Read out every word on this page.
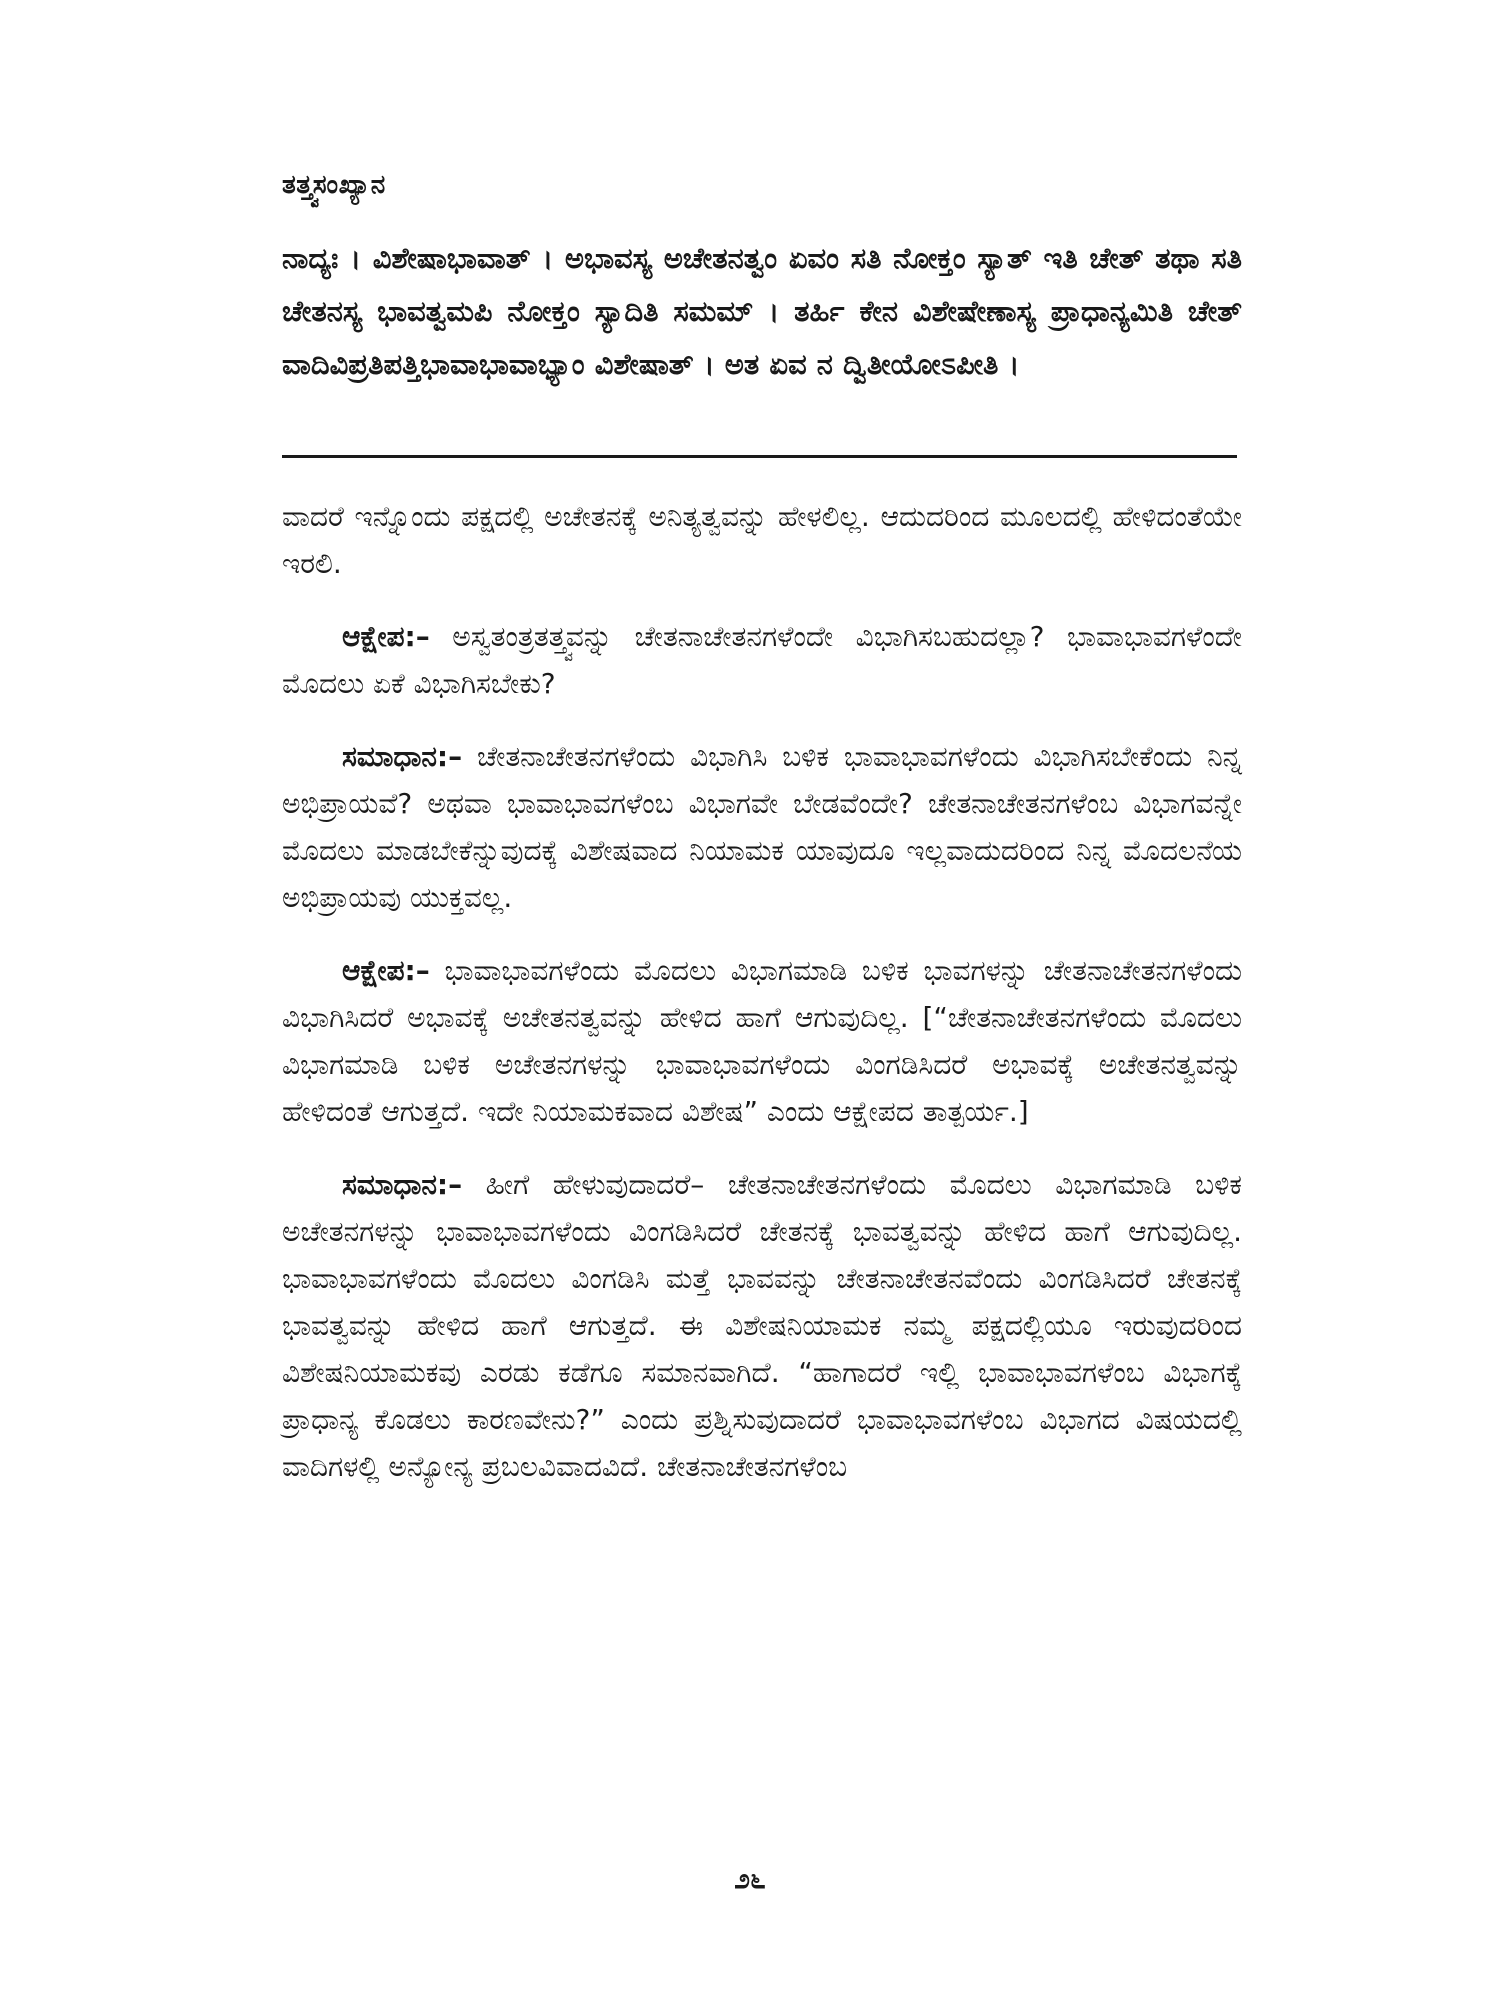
ತತ್ತ್ವಸಂಖ್ಯಾನ
ನಾದ್ಯಃ । ವಿಶೇಷಾಭಾವಾತ್ । ಅಭಾವಸ್ಯ ಅಚೇತನತ್ವಂ ಏವಂ ಸತಿ ನೋಕ್ತಂ ಸ್ಯಾತ್ ಇತಿ ಚೇತ್ ತಥಾ ಸತಿ ಚೇತನಸ್ಯ ಭಾವತ್ವಮಪಿ ನೋಕ್ತಂ ಸ್ಯಾದಿತಿ ಸಮಮ್ । ತರ್ಹಿ ಕೇನ ವಿಶೇಷೇಣಾಸ್ಯ ಪ್ರಾಧಾನ್ಯಮಿತಿ ಚೇತ್ ವಾದಿವಿಪ್ರತಿಪತ್ತಿಭಾವಾಭಾವಾಭ್ಯಾಂ ವಿಶೇಷಾತ್ । ಅತ ಏವ ನ ದ್ವಿತೀಯೋಽಪೀತಿ ।

ವಾದರೆ ಇನ್ನೊಂದು ಪಕ್ಷದಲ್ಲಿ ಅಚೇತನಕ್ಕೆ ಅನಿತ್ಯತ್ವವನ್ನು ಹೇಳಲಿಲ್ಲ. ಆದುದರಿಂದ ಮೂಲದಲ್ಲಿ ಹೇಳಿದಂತೆಯೇ ಇರಲಿ.

ಆಕ್ಷೇಪ:– ಅಸ್ವತಂತ್ರತತ್ತ್ವವನ್ನು ಚೇತನಾಚೇತನಗಳೆಂದೇ ವಿಭಾಗಿಸಬಹುದಲ್ಲಾ? ಭಾವಾಭಾವಗಳೆಂದೇ ಮೊದಲು ಏಕೆ ವಿಭಾಗಿಸಬೇಕು?

ಸಮಾಧಾನ:– ಚೇತನಾಚೇತನಗಳೆಂದು ವಿಭಾಗಿಸಿ ಬಳಿಕ ಭಾವಾಭಾವಗಳೆಂದು ವಿಭಾಗಿಸಬೇಕೆಂದು ನಿನ್ನ ಅಭಿಪ್ರಾಯವೆ? ಅಥವಾ ಭಾವಾಭಾವಗಳೆಂಬ ವಿಭಾಗವೇ ಬೇಡವೆಂದೇ? ಚೇತನಾಚೇತನಗಳೆಂಬ ವಿಭಾಗವನ್ನೇ ಮೊದಲು ಮಾಡಬೇಕೆನ್ನುವುದಕ್ಕೆ ವಿಶೇಷವಾದ ನಿಯಾಮಕ ಯಾವುದೂ ಇಲ್ಲವಾದುದರಿಂದ ನಿನ್ನ ಮೊದಲನೆಯ ಅಭಿಪ್ರಾಯವು ಯುಕ್ತವಲ್ಲ.

ಆಕ್ಷೇಪ:– ಭಾವಾಭಾವಗಳೆಂದು ಮೊದಲು ವಿಭಾಗಮಾಡಿ ಬಳಿಕ ಭಾವಗಳನ್ನು ಚೇತನಾಚೇತನಗಳೆಂದು ವಿಭಾಗಿಸಿದರೆ ಅಭಾವಕ್ಕೆ ಅಚೇತನತ್ವವನ್ನು ಹೇಳಿದ ಹಾಗೆ ಆಗುವುದಿಲ್ಲ. [“ಚೇತನಾಚೇತನಗಳೆಂದು ಮೊದಲು ವಿಭಾಗಮಾಡಿ ಬಳಿಕ ಅಚೇತನಗಳನ್ನು ಭಾವಾಭಾವಗಳೆಂದು ವಿಂಗಡಿಸಿದರೆ ಅಭಾವಕ್ಕೆ ಅಚೇತನತ್ವವನ್ನು ಹೇಳಿದಂತೆ ಆಗುತ್ತದೆ. ಇದೇ ನಿಯಾಮಕವಾದ ವಿಶೇಷ” ಎಂದು ಆಕ್ಷೇಪದ ತಾತ್ಪರ್ಯ.]

ಸಮಾಧಾನ:– ಹೀಗೆ ಹೇಳುವುದಾದರೆ– ಚೇತನಾಚೇತನಗಳೆಂದು ಮೊದಲು ವಿಭಾಗಮಾಡಿ ಬಳಿಕ ಅಚೇತನಗಳನ್ನು ಭಾವಾಭಾವಗಳೆಂದು ವಿಂಗಡಿಸಿದರೆ ಚೇತನಕ್ಕೆ ಭಾವತ್ವವನ್ನು ಹೇಳಿದ ಹಾಗೆ ಆಗುವುದಿಲ್ಲ. ಭಾವಾಭಾವಗಳೆಂದು ಮೊದಲು ವಿಂಗಡಿಸಿ ಮತ್ತೆ ಭಾವವನ್ನು ಚೇತನಾಚೇತನವೆಂದು ವಿಂಗಡಿಸಿದರೆ ಚೇತನಕ್ಕೆ ಭಾವತ್ವವನ್ನು ಹೇಳಿದ ಹಾಗೆ ಆಗುತ್ತದೆ. ಈ ವಿಶೇಷನಿಯಾಮಕ ನಮ್ಮ ಪಕ್ಷದಲ್ಲಿಯೂ ಇರುವುದರಿಂದ ವಿಶೇಷನಿಯಾಮಕವು ಎರಡು ಕಡೆಗೂ ಸಮಾನವಾಗಿದೆ. “ಹಾಗಾದರೆ ಇಲ್ಲಿ ಭಾವಾಭಾವಗಳೆಂಬ ವಿಭಾಗಕ್ಕೆ ಪ್ರಾಧಾನ್ಯ ಕೊಡಲು ಕಾರಣವೇನು?” ಎಂದು ಪ್ರಶ್ನಿಸುವುದಾದರೆ ಭಾವಾಭಾವಗಳೆಂಬ ವಿಭಾಗದ ವಿಷಯದಲ್ಲಿ ವಾದಿಗಳಲ್ಲಿ ಅನ್ಯೋನ್ಯ ಪ್ರಬಲವಿವಾದವಿದೆ. ಚೇತನಾಚೇತನಗಳೆಂಬ

೨೬
